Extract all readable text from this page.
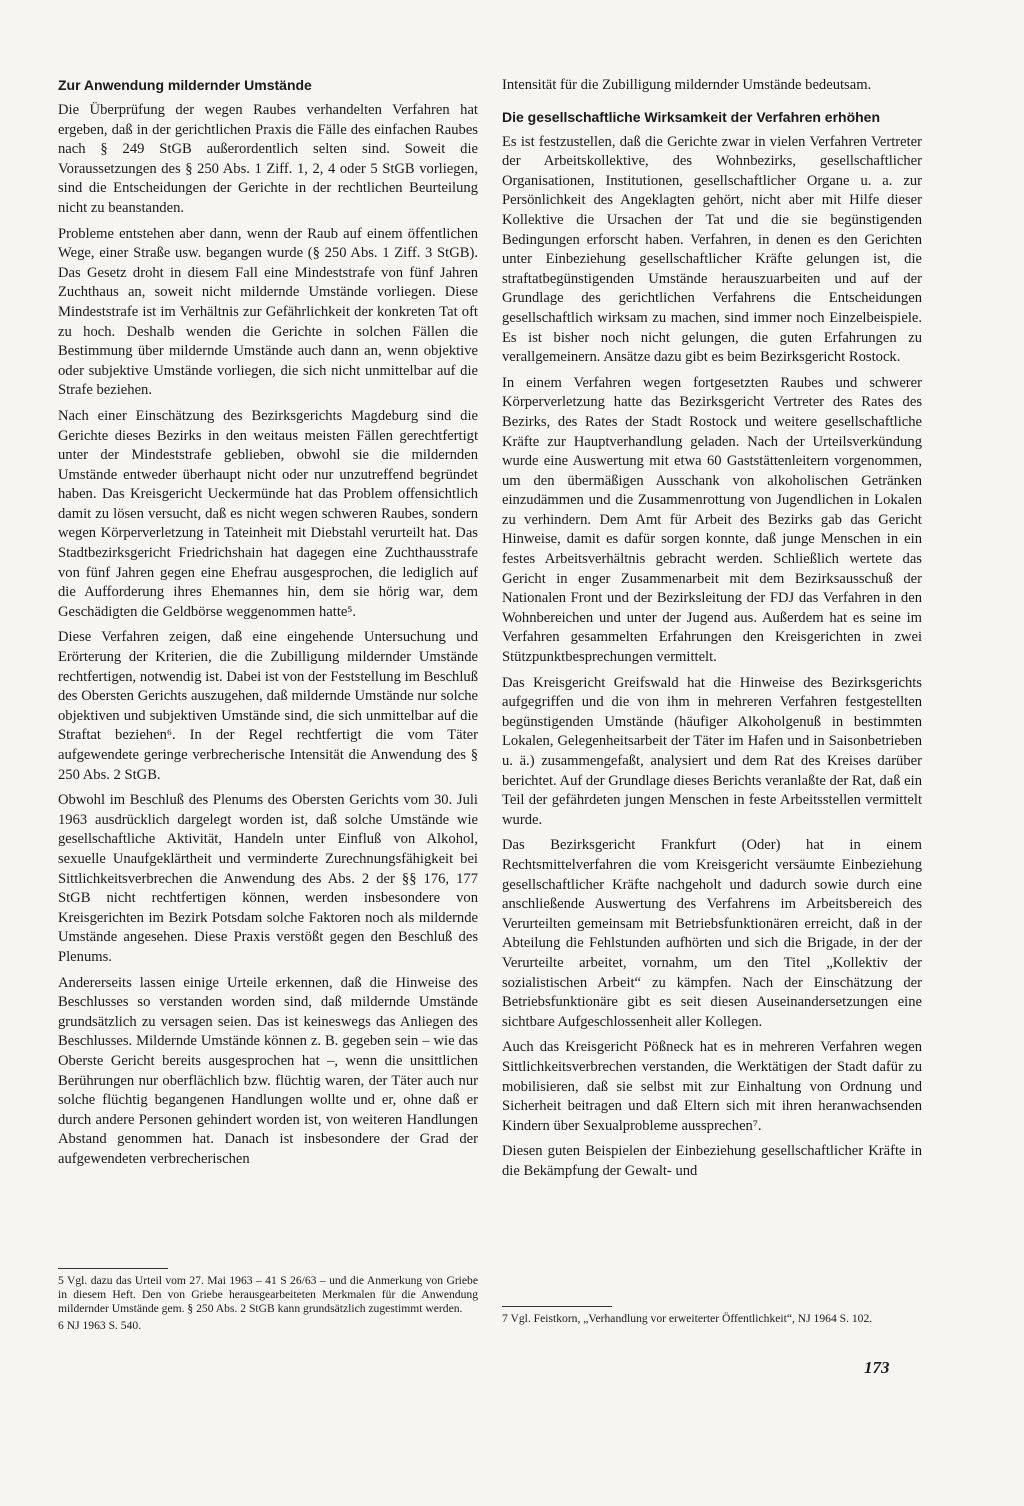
Zur Anwendung mildernder Umstände

Die Überprüfung der wegen Raubes verhandelten Verfahren hat ergeben, daß in der gerichtlichen Praxis die Fälle des einfachen Raubes nach § 249 StGB außerordentlich selten sind. Soweit die Voraussetzungen des § 250 Abs. 1 Ziff. 1, 2, 4 oder 5 StGB vorliegen, sind die Entscheidungen der Gerichte in der rechtlichen Beurteilung nicht zu beanstanden.

Probleme entstehen aber dann, wenn der Raub auf einem öffentlichen Wege, einer Straße usw. begangen wurde (§ 250 Abs. 1 Ziff. 3 StGB). Das Gesetz droht in diesem Fall eine Mindeststrafe von fünf Jahren Zuchthaus an, soweit nicht mildernde Umstände vorliegen. Diese Mindeststrafe ist im Verhältnis zur Gefährlichkeit der konkreten Tat oft zu hoch. Deshalb wenden die Gerichte in solchen Fällen die Bestimmung über mildernde Umstände auch dann an, wenn objektive oder subjektive Umstände vorliegen, die sich nicht unmittelbar auf die Strafe beziehen.

Nach einer Einschätzung des Bezirksgerichts Magdeburg sind die Gerichte dieses Bezirks in den weitaus meisten Fällen gerechtfertigt unter der Mindeststrafe geblieben, obwohl sie die mildernden Umstände entweder überhaupt nicht oder nur unzutreffend begründet haben. Das Kreisgericht Ueckermünde hat das Problem offensichtlich damit zu lösen versucht, daß es nicht wegen schweren Raubes, sondern wegen Körperverletzung in Tateinheit mit Diebstahl verurteilt hat. Das Stadtbezirksgericht Friedrichshain hat dagegen eine Zuchthausstrafe von fünf Jahren gegen eine Ehefrau ausgesprochen, die lediglich auf die Aufforderung ihres Ehemannes hin, dem sie hörig war, dem Geschädigten die Geldbörse weggenommen hatte⁵.

Diese Verfahren zeigen, daß eine eingehende Untersuchung und Erörterung der Kriterien, die die Zubilligung mildernder Umstände rechtfertigen, notwendig ist. Dabei ist von der Feststellung im Beschluß des Obersten Gerichts auszugehen, daß mildernde Umstände nur solche objektiven und subjektiven Umstände sind, die sich unmittelbar auf die Straftat beziehen⁶. In der Regel rechtfertigt die vom Täter aufgewendete geringe verbrecherische Intensität die Anwendung des § 250 Abs. 2 StGB.

Obwohl im Beschluß des Plenums des Obersten Gerichts vom 30. Juli 1963 ausdrücklich dargelegt worden ist, daß solche Umstände wie gesellschaftliche Aktivität, Handeln unter Einfluß von Alkohol, sexuelle Unaufgeklärtheit und verminderte Zurechnungsfähigkeit bei Sittlichkeitsverbrechen die Anwendung des Abs. 2 der §§ 176, 177 StGB nicht rechtfertigen können, werden insbesondere von Kreisgerichten im Bezirk Potsdam solche Faktoren noch als mildernde Umstände angesehen. Diese Praxis verstößt gegen den Beschluß des Plenums.

Andererseits lassen einige Urteile erkennen, daß die Hinweise des Beschlusses so verstanden worden sind, daß mildernde Umstände grundsätzlich zu versagen seien. Das ist keineswegs das Anliegen des Beschlusses. Mildernde Umstände können z. B. gegeben sein – wie das Oberste Gericht bereits ausgesprochen hat –, wenn die unsittlichen Berührungen nur oberflächlich bzw. flüchtig waren, der Täter auch nur solche flüchtig begangenen Handlungen wollte und er, ohne daß er durch andere Personen gehindert worden ist, von weiteren Handlungen Abstand genommen hat. Danach ist insbesondere der Grad der aufgewendeten verbrecherischen

5 Vgl. dazu das Urteil vom 27. Mai 1963 – 41 S 26/63 – und die Anmerkung von Griebe in diesem Heft. Den von Griebe herausgearbeiteten Merkmalen für die Anwendung mildernder Umstände gem. § 250 Abs. 2 StGB kann grundsätzlich zugestimmt werden.

6 NJ 1963 S. 540.

Intensität für die Zubilligung mildernder Umstände bedeutsam.

Die gesellschaftliche Wirksamkeit der Verfahren erhöhen

Es ist festzustellen, daß die Gerichte zwar in vielen Verfahren Vertreter der Arbeitskollektive, des Wohnbezirks, gesellschaftlicher Organisationen, Institutionen, gesellschaftlicher Organe u. a. zur Persönlichkeit des Angeklagten gehört, nicht aber mit Hilfe dieser Kollektive die Ursachen der Tat und die sie begünstigenden Bedingungen erforscht haben. Verfahren, in denen es den Gerichten unter Einbeziehung gesellschaftlicher Kräfte gelungen ist, die straftatbegünstigenden Umstände herauszuarbeiten und auf der Grundlage des gerichtlichen Verfahrens die Entscheidungen gesellschaftlich wirksam zu machen, sind immer noch Einzelbeispiele. Es ist bisher noch nicht gelungen, die guten Erfahrungen zu verallgemeinern. Ansätze dazu gibt es beim Bezirksgericht Rostock.

In einem Verfahren wegen fortgesetzten Raubes und schwerer Körperverletzung hatte das Bezirksgericht Vertreter des Rates des Bezirks, des Rates der Stadt Rostock und weitere gesellschaftliche Kräfte zur Hauptverhandlung geladen. Nach der Urteilsverkündung wurde eine Auswertung mit etwa 60 Gaststättenleitern vorgenommen, um den übermäßigen Ausschank von alkoholischen Getränken einzudämmen und die Zusammenrottung von Jugendlichen in Lokalen zu verhindern. Dem Amt für Arbeit des Bezirks gab das Gericht Hinweise, damit es dafür sorgen konnte, daß junge Menschen in ein festes Arbeitsverhältnis gebracht werden. Schließlich wertete das Gericht in enger Zusammenarbeit mit dem Bezirksausschuß der Nationalen Front und der Bezirksleitung der FDJ das Verfahren in den Wohnbereichen und unter der Jugend aus. Außerdem hat es seine im Verfahren gesammelten Erfahrungen den Kreisgerichten in zwei Stützpunktbesprechungen vermittelt.

Das Kreisgericht Greifswald hat die Hinweise des Bezirksgerichts aufgegriffen und die von ihm in mehreren Verfahren festgestellten begünstigenden Umstände (häufiger Alkoholgenuß in bestimmten Lokalen, Gelegenheitsarbeit der Täter im Hafen und in Saisonbetrieben u. ä.) zusammengefaßt, analysiert und dem Rat des Kreises darüber berichtet. Auf der Grundlage dieses Berichts veranlaßte der Rat, daß ein Teil der gefährdeten jungen Menschen in feste Arbeitsstellen vermittelt wurde.

Das Bezirksgericht Frankfurt (Oder) hat in einem Rechtsmittelverfahren die vom Kreisgericht versäumte Einbeziehung gesellschaftlicher Kräfte nachgeholt und dadurch sowie durch eine anschließende Auswertung des Verfahrens im Arbeitsbereich des Verurteilten gemeinsam mit Betriebsfunktionären erreicht, daß in der Abteilung die Fehlstunden aufhörten und sich die Brigade, in der der Verurteilte arbeitet, vornahm, um den Titel „Kollektiv der sozialistischen Arbeit“ zu kämpfen. Nach der Einschätzung der Betriebsfunktionäre gibt es seit diesen Auseinandersetzungen eine sichtbare Aufgeschlossenheit aller Kollegen.

Auch das Kreisgericht Pößneck hat es in mehreren Verfahren wegen Sittlichkeitsverbrechen verstanden, die Werktätigen der Stadt dafür zu mobilisieren, daß sie selbst mit zur Einhaltung von Ordnung und Sicherheit beitragen und daß Eltern sich mit ihren heranwachsenden Kindern über Sexualprobleme aussprechen⁷.

Diesen guten Beispielen der Einbeziehung gesellschaftlicher Kräfte in die Bekämpfung der Gewalt- und

7 Vgl. Feistkorn, „Verhandlung vor erweiterter Öffentlichkeit“, NJ 1964 S. 102.

173
